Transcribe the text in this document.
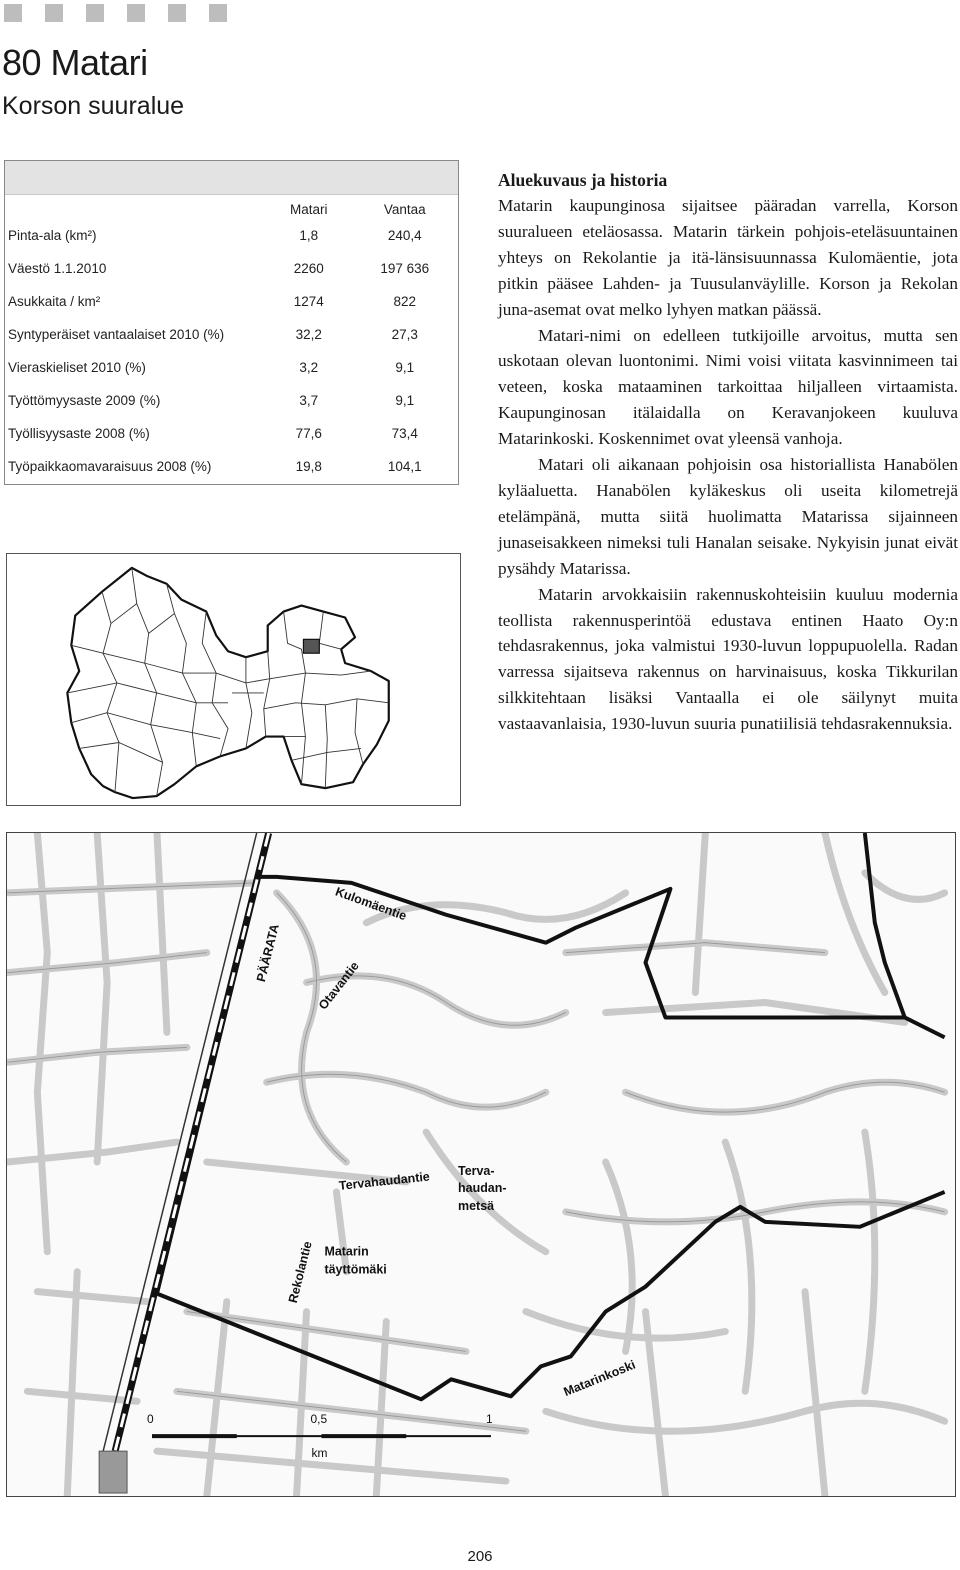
80 Matari
Korson suuralue
	Matari	Vantaa
Pinta-ala (km²)	1,8	240,4
Väestö 1.1.2010	2260	197 636
Asukkaita / km²	1274	822
Syntyperäiset vantaalaiset 2010 (%)	32,2	27,3
Vieraskieliset 2010 (%)	3,2	9,1
Työttömyysaste 2009 (%)	3,7	9,1
Työllisyysaste 2008 (%)	77,6	73,4
Työpaikkaomavaraisuus 2008 (%)	19,8	104,1
Aluekuvaus ja historia

Matarin kaupunginosa sijaitsee pääradan varrella, Korson suuralueen eteläosassa. Matarin tärkein pohjois-eteläsuuntainen yhteys on Rekolantie ja itä-länsisuunnassa Kulomäentie, jota pitkin pääsee Lahden- ja Tuusulanväylille. Korson ja Rekolan juna-asemat ovat melko lyhyen matkan päässä.

Matari-nimi on edelleen tutkijoille arvoitus, mutta sen uskotaan olevan luontonimi. Nimi voisi viitata kasvinnimeen tai veteen, koska mataaminen tarkoittaa hiljalleen virtaamista. Kaupunginosan itälaidalla on Keravanjokeen kuuluva Matarinkoski. Koskennimet ovat yleensä vanhoja.

Matari oli aikanaan pohjoisin osa historiallista Hanabölen kyläaluetta. Hanabölen kyläkeskus oli useita kilometrejä etelämpänä, mutta siitä huolimatta Matarissa sijainneen junaseisakkeen nimeksi tuli Hanalan seisake. Nykyisin junat eivät pysähdy Matarissa.

Matarin arvokkaisiin rakennuskohteisiin kuuluu modernia teollista rakennusperintöä edustava entinen Haato Oy:n tehdasrakennus, joka valmistui 1930-luvun loppupuolella. Radan varressa sijaitseva rakennus on harvinaisuus, koska Tikkurilan silkkitehtaan lisäksi Vantaalla ei ole säilynyt muita vastaavanlaisia, 1930-luvun suuria punatiilisiä tehdasrakennuksia.

PÄÄRATA
Kulomäentie
Otavantie
Tervahaudantie Terva-
haudan-
metsä
Rekolantie Matarin
täyttömäki
Matarinkoski
0	0,5	1
km
206
